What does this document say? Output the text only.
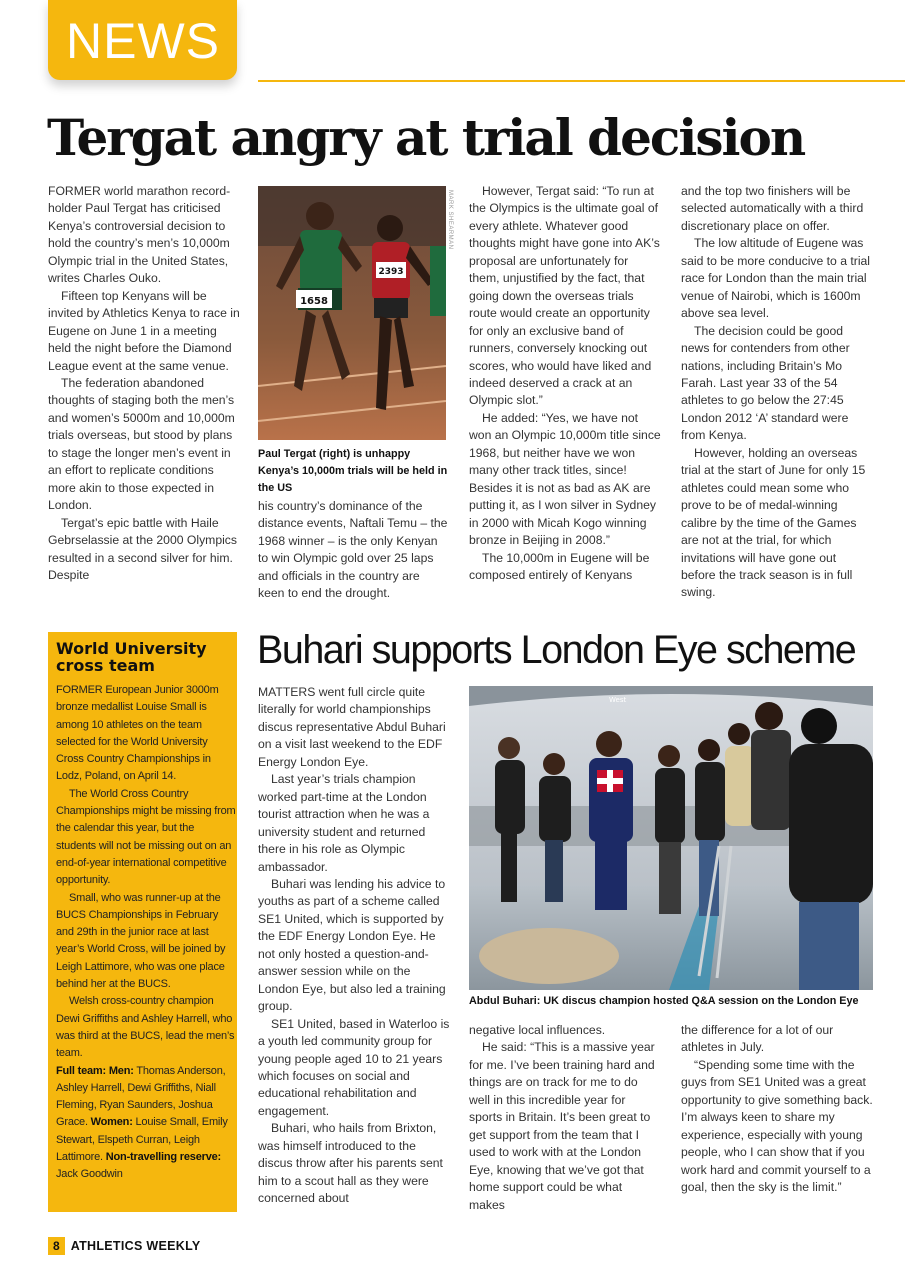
NEWS
Tergat angry at trial decision

FORMER world marathon record-holder Paul Tergat has criticised Kenya’s controversial decision to hold the country’s men’s 10,000m Olympic trial in the United States, writes Charles Ouko.

Fifteen top Kenyans will be invited by Athletics Kenya to race in Eugene on June 1 in a meeting held the night before the Diamond League event at the same venue.

The federation abandoned thoughts of staging both the men’s and women’s 5000m and 10,000m trials overseas, but stood by plans to stage the longer men’s event in an effort to replicate conditions more akin to those expected in London.

Tergat’s epic battle with Haile Gebrselassie at the 2000 Olympics resulted in a second silver for him. Despite

1658
2393
MARK SHEARMAN

Paul Tergat (right) is unhappy Kenya’s 10,000m trials will be held in the US

his country’s dominance of the distance events, Naftali Temu – the 1968 winner – is the only Kenyan to win Olympic gold over 25 laps and officials in the country are keen to end the drought.

However, Tergat said: “To run at the Olympics is the ultimate goal of every athlete. Whatever good thoughts might have gone into AK’s proposal are unfortunately for them, unjustified by the fact, that going down the overseas trials route would create an opportunity for only an exclusive band of runners, conversely knocking out scores, who would have liked and indeed deserved a crack at an Olympic slot.”

He added: “Yes, we have not won an Olympic 10,000m title since 1968, but neither have we won many other track titles, since! Besides it is not as bad as AK are putting it, as I won silver in Sydney in 2000 with Micah Kogo winning bronze in Beijing in 2008.”

The 10,000m in Eugene will be composed entirely of Kenyans

and the top two finishers will be selected automatically with a third discretionary place on offer.

The low altitude of Eugene was said to be more conducive to a trial race for London than the main trial venue of Nairobi, which is 1600m above sea level.

The decision could be good news for contenders from other nations, including Britain’s Mo Farah. Last year 33 of the 54 athletes to go below the 27:45 London 2012 ‘A’ standard were from Kenya.

However, holding an overseas trial at the start of June for only 15 athletes could mean some who prove to be of medal-winning calibre by the time of the Games are not at the trial, for which invitations will have gone out before the track season is in full swing.

World University cross team

FORMER European Junior 3000m bronze medallist Louise Small is among 10 athletes on the team selected for the World University Cross Country Championships in Lodz, Poland, on April 14.

The World Cross Country Championships might be missing from the calendar this year, but the students will not be missing out on an end-of-year international competitive opportunity.

Small, who was runner-up at the BUCS Championships in February and 29th in the junior race at last year’s World Cross, will be joined by Leigh Lattimore, who was one place behind her at the BUCS.

Welsh cross-country champion Dewi Griffiths and Ashley Harrell, who was third at the BUCS, lead the men’s team.

Full team: Men: Thomas Anderson, Ashley Harrell, Dewi Griffiths, Niall Fleming, Ryan Saunders, Joshua Grace. Women: Louise Small, Emily Stewart, Elspeth Curran, Leigh Lattimore. Non-travelling reserve: Jack Goodwin

Buhari supports London Eye scheme

MATTERS went full circle quite literally for world championships discus representative Abdul Buhari on a visit last weekend to the EDF Energy London Eye.

Last year’s trials champion worked part-time at the London tourist attraction when he was a university student and returned there in his role as Olympic ambassador.

Buhari was lending his advice to youths as part of a scheme called SE1 United, which is supported by the EDF Energy London Eye. He not only hosted a question-and-answer session while on the London Eye, but also led a training group.

SE1 United, based in Waterloo is a youth led community group for young people aged 10 to 21 years which focuses on social and educational rehabilitation and engagement.

Buhari, who hails from Brixton, was himself introduced to the discus throw after his parents sent him to a scout hall as they were concerned about

West

Abdul Buhari: UK discus champion hosted Q&A session on the London Eye

negative local influences.

He said: “This is a massive year for me. I’ve been training hard and things are on track for me to do well in this incredible year for sports in Britain. It’s been great to get support from the team that I used to work with at the London Eye, knowing that we’ve got that home support could be what makes

the difference for a lot of our athletes in July.

“Spending some time with the guys from SE1 United was a great opportunity to give something back. I’m always keen to share my experience, especially with young people, who I can show that if you work hard and commit yourself to a goal, then the sky is the limit.”

8 ATHLETICS WEEKLY
